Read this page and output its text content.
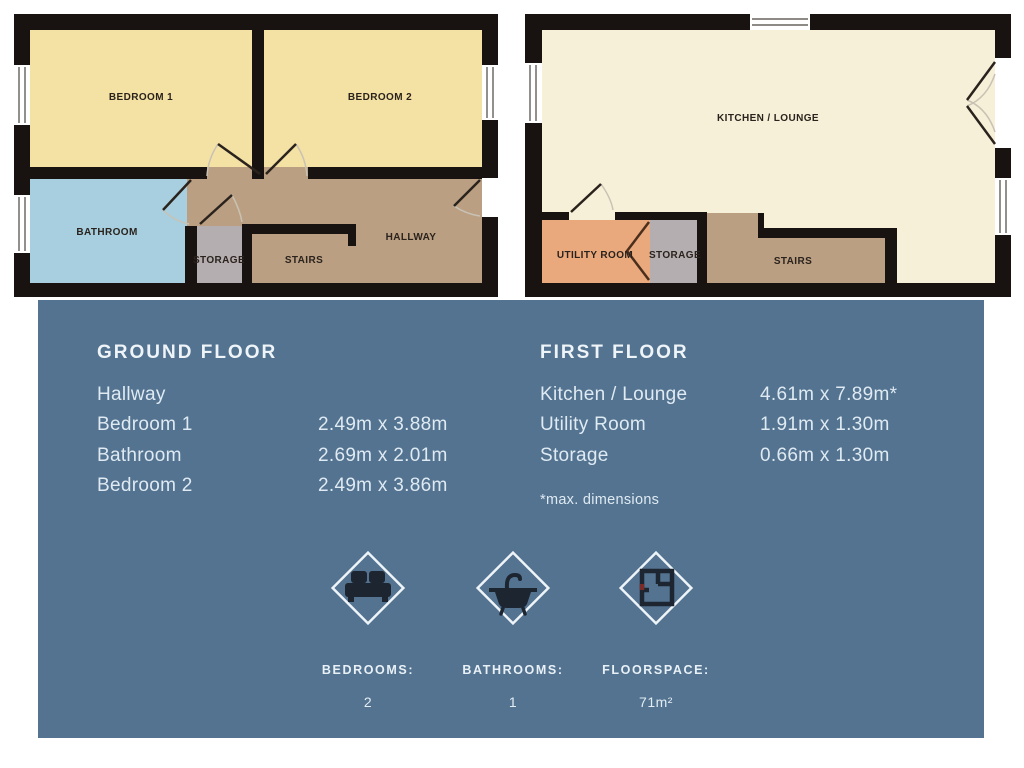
BEDROOM 1	BEDROOM 2
BATHROOM
STORAGE	STAIRS
HALLWAY
KITCHEN / LOUNGE
UTILITY ROOM STORAGE
STAIRS
GROUND FLOOR
Hallway
Bedroom 1	2.49m x 3.88m
Bathroom	2.69m x 2.01m
Bedroom 2	2.49m x 3.86m
FIRST FLOOR
Kitchen / Lounge	4.61m x 7.89m*
Utility Room	1.91m x 1.30m
Storage	0.66m x 1.30m
*max. dimensions
BEDROOMS:
2
BATHROOMS:
1
FLOORSPACE:
71m²
